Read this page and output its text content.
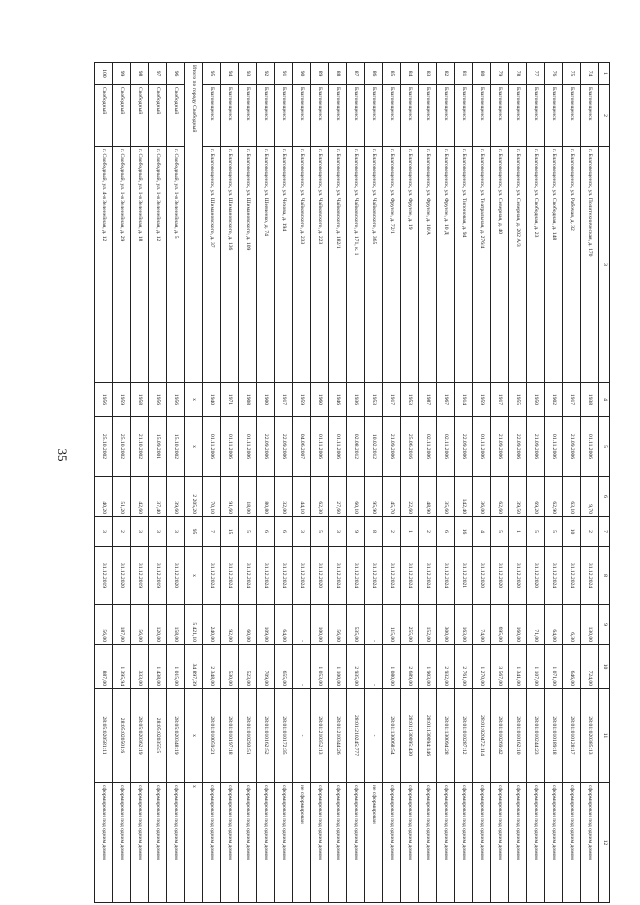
35
1	2	3	4	5	6	7	8	9	10	11	12
74	Благовещенск	г. Благовещенск, ул. Политехническая, д. 170	1938	01.11.2006	9,70	2	31.12.2024	130,00	724,00	28:01:020385:13	сформирован под одним домом
75	Благовещенск	г. Благовещенск, ул. Рабочая, д. 32	1917	21.09.2006	63,10	10	31.12.2024	6,30	646,00	28:01:010128:17	сформирован под одним домом
76	Благовещенск	г. Благовещенск, ул. Свободная, д. 148	1902	01.11.2006	62,90	5	31.12.2024	64,00	1 071,00	28:01:010189:18	сформирован под одним домом
77	Благовещенск	г. Благовещенск, ул. Свободная, д. 23	1950	21.09.2006	69,20	5	31.12.2020	71,00	1 107,00	28:01:010244:23	сформирован под одним домом
78	Благовещенск	г. Благовещенск, ул. Северная, д. 202 А/3	1955	22.09.2006	39,50	1	31.12.2020	160,00	1 341,00	28:01:010162:10	сформирован под одним домом
79	Благовещенск	г. Благовещенск, ул. Северная, д. 40	1917	21.09.2006	62,60	5	31.12.2020	695,00	3 567,00	28:01:010269:42	сформирован под одним домом
80	Благовещенск	г. Благовещенск, ул. Театральная, д. 276/4	1959	01.11.2006	36,00	4	31.12.2020	74,00	1 270,00	28:01:020472:114	сформирован под одним домом
81	Благовещенск	г. Благовещенск, ул. Типоновая, д. 94	1914	22.09.2006	142,40	16	31.12.2021	163,00	2 761,00	28:01:010287:12	сформирован под одним домом
82	Благовещенск	г. Благовещенск, ул. Фрунзе, д. 10 Д	1967	02.11.2006	35,60	6	31.12.2024	300,00	2 932,00	28:01:130094:28	сформирован под одним домом
83	Благовещенск	г. Благовещенск, ул. Фрунзе, д. 10/А	1987	02.11.2006	48,90	2	31.12.2024	152,00	1 903,00	28:01:130094:146	сформирован под одним домом
84	Благовещенск	г. Благовещенск, ул. Фрунзе, д. 19	1953	25.06.2016	22,60	1	31.12.2024	255,00	2 689,00	28:01:130095:430	сформирован под одним домом
85	Благовещенск	г. Благовещенск, ул. Фрунзе, д. 72/1	1917	21.09.2006	45,70	2	31.12.2024	115,00	1 080,00	28:01:130068:54	сформирован под одним домом
86	Благовещенск	г. Благовещенск, ул. Чайковского, д. 365	1953	10.02.2012	95,90	8	31.12.2024	-	-	-	не сформирован
87	Благовещенск	г. Благовещенск, ул. Чайковского, д. 171, к. 1	1936	02.08.2012	60,10	9	31.12.2024	535,00	2 935,00	28:01:210245:777	сформирован под одним домом
88	Благовещенск	г. Благовещенск, ул. Чайковского, д. 182/1	1946	01.11.2006	27,60	3	31.12.2024	56,00	1 100,00	28:01:210344:26	сформирован под одним домом
89	Благовещенск	г. Благовещенск, ул. Чайковского, д. 223	1960	01.11.2006	62,30	5	31.12.2020	100,00	1 053,00	28:01:210352:13	сформирован под одним домом
90	Благовещенск	г. Благовещенск, ул. Чайковского, д. 233	1959	04.06.2007	44,10	3	31.12.2024	-	-	-	не сформирован
91	Благовещенск	г. Благовещенск, ул. Чехова, д. 194	1917	22.09.2006	32,00	6	31.12.2024	64,00	655,00	28:01:010172:35	сформирован под одним домом
92	Благовещенск	г. Благовещенск, ул. Шевченко, д. 74	1900	22.09.2006	80,80	6	31.12.2024	109,00	709,00	28:01:010162:52	сформирован под одним домом
93	Благовещенск	г. Благовещенск, ул. Шимановского, д. 109	1908	01.11.2006	18,00	5	31.12.2024	60,00	523,00	28:01:010293:51	сформирован под одним домом
94	Благовещенск	г. Благовещенск, ул. Шимановского, д. 136	1971	01.11.2006	91,60	15	31.12.2024	92,00	530,00	28:01:010197:18	сформирован под одним домом
95	Благовещенск	г. Благовещенск, ул. Шимановского, д. 37	1940	01.11.2006	70,10	7	31.12.2024	240,00	2 348,00	28:01:010059:21	сформирован под одним домом
Итого по городу Свободный			x	x	2 205,20	95	x	5 421,10	34 897,39	x	x
96	Свободный	г. Свободный, ул. 1-я Зеленейная, д. 5	1956	15.10.2002	39,60	3	31.12.2020	158,00	1 015,00	28:05:020348:19	сформирован под одним домом
97	Свободный	г. Свободный, ул. 1-я Зеленейная, д. 12	1956	15.09.2001	37,40	3	31.12.2019	120,00	1 438,00	28:05:020355:5	сформирован под одним домом
98	Свободный	г. Свободный, ул. 1-я Зеленейная, д. 18	1958	21.10.2002	42,60	3	31.12.2019	56,00	333,00	28:05:020362:19	сформирован под одним домом
99	Свободный	г. Свободный, ул. 1-я Зеленейная, д. 29	1959	25.10.2002	51,20	2	31.12.2020	187,00	1 395,94	28:05:020501:6	сформирован под одним домом
100	Свободный	г. Свободный, ул. 4-я Зеленейная, д. 12	1956	25.10.2002	40,20	3	31.12.2019	56,00	887,00	28:05:020581:11	сформирован под одним домом
